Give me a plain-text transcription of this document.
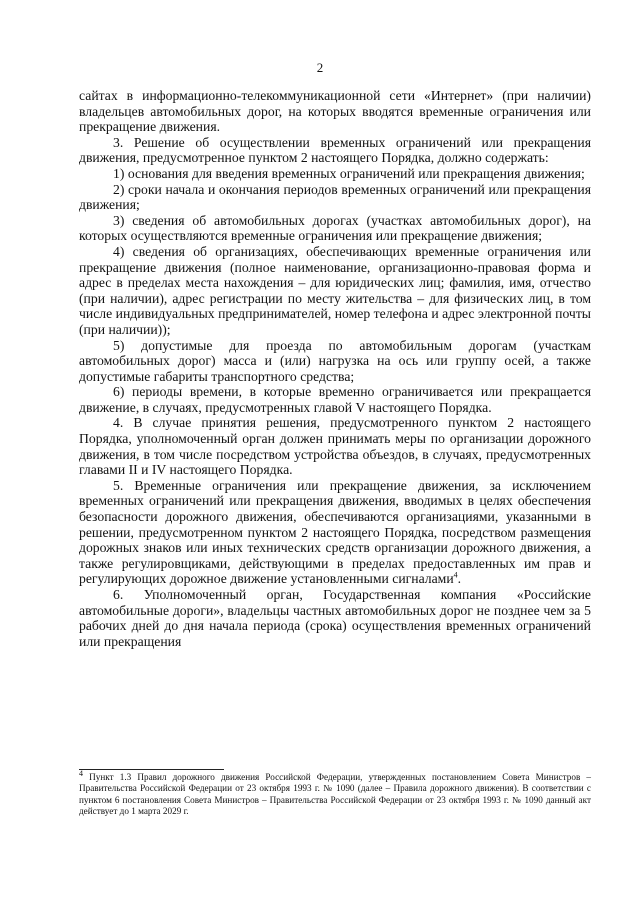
2

сайтах в информационно-телекоммуникационной сети «Интернет» (при наличии) владельцев автомобильных дорог, на которых вводятся временные ограничения или прекращение движения.

3. Решение об осуществлении временных ограничений или прекращения движения, предусмотренное пунктом 2 настоящего Порядка, должно содержать:

1) основания для введения временных ограничений или прекращения движения;

2) сроки начала и окончания периодов временных ограничений или прекращения движения;

3) сведения об автомобильных дорогах (участках автомобильных дорог), на которых осуществляются временные ограничения или прекращение движения;

4) сведения об организациях, обеспечивающих временные ограничения или прекращение движения (полное наименование, организационно-правовая форма и адрес в пределах места нахождения – для юридических лиц; фамилия, имя, отчество (при наличии), адрес регистрации по месту жительства – для физических лиц, в том числе индивидуальных предпринимателей, номер телефона и адрес электронной почты (при наличии));

5) допустимые для проезда по автомобильным дорогам (участкам автомобильных дорог) масса и (или) нагрузка на ось или группу осей, а также допустимые габариты транспортного средства;

6) периоды времени, в которые временно ограничивается или прекращается движение, в случаях, предусмотренных главой V настоящего Порядка.

4. В случае принятия решения, предусмотренного пунктом 2 настоящего Порядка, уполномоченный орган должен принимать меры по организации дорожного движения, в том числе посредством устройства объездов, в случаях, предусмотренных главами II и IV настоящего Порядка.

5. Временные ограничения или прекращение движения, за исключением временных ограничений или прекращения движения, вводимых в целях обеспечения безопасности дорожного движения, обеспечиваются организациями, указанными в решении, предусмотренном пунктом 2 настоящего Порядка, посредством размещения дорожных знаков или иных технических средств организации дорожного движения, а также регулировщиками, действующими в пределах предоставленных им прав и регулирующих дорожное движение установленными сигналами$^4$.

6. Уполномоченный орган, Государственная компания «Российские автомобильные дороги», владельцы частных автомобильных дорог не позднее чем за 5 рабочих дней до дня начала периода (срока) осуществления временных ограничений или прекращения

$^4$ Пункт 1.3 Правил дорожного движения Российской Федерации, утвержденных постановлением Совета Министров – Правительства Российской Федерации от 23 октября 1993 г. № 1090 (далее – Правила дорожного движения). В соответствии с пунктом 6 постановления Совета Министров – Правительства Российской Федерации от 23 октября 1993 г. № 1090 данный акт действует до 1 марта 2029 г.
